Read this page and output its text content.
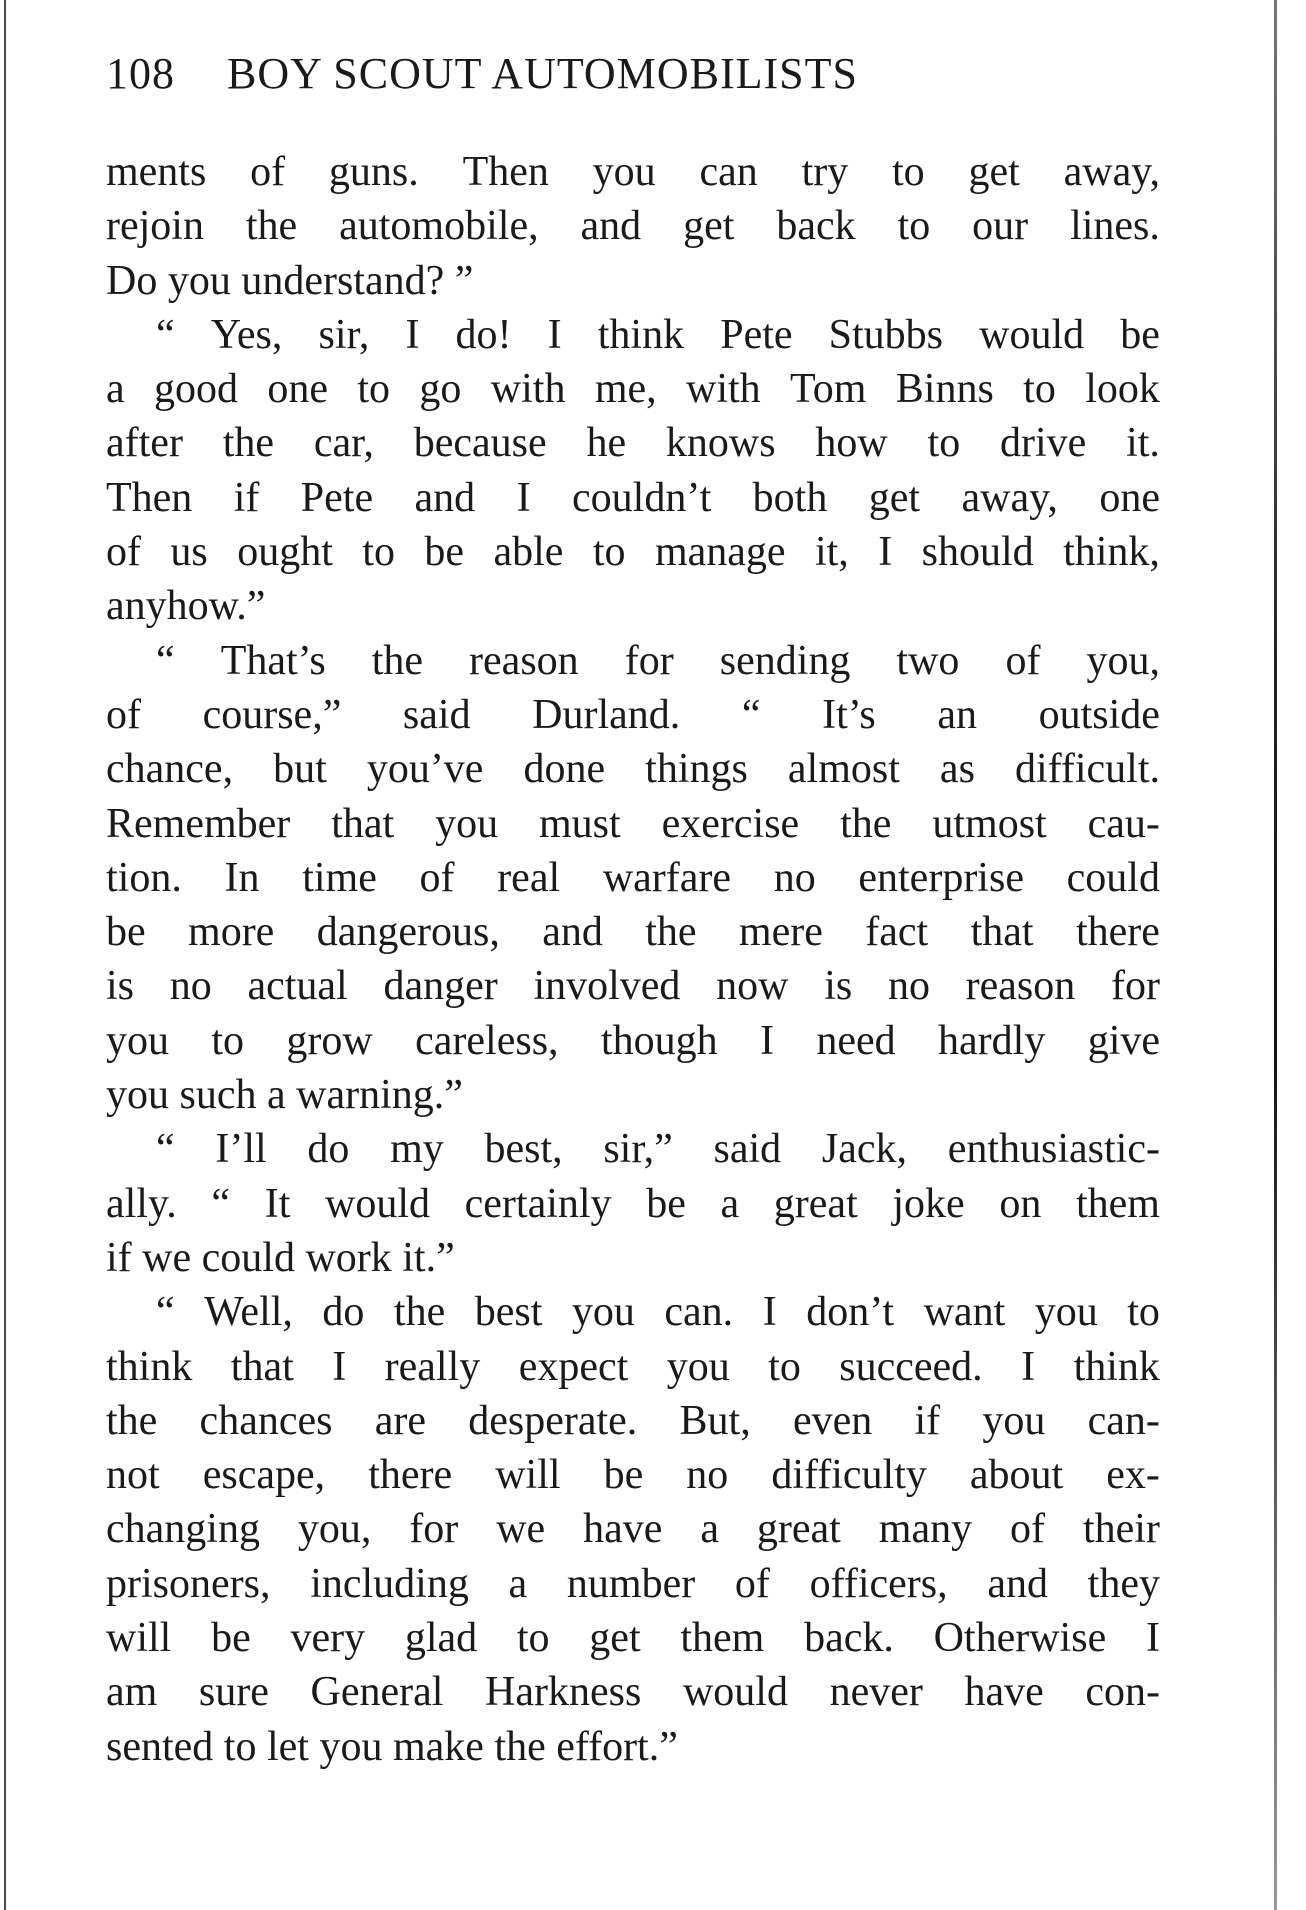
108 BOY SCOUT AUTOMOBILISTS
ments of guns. Then you can try to get away,
rejoin the automobile, and get back to our lines.
Do you understand? ”
“ Yes, sir, I do! I think Pete Stubbs would be
a good one to go with me, with Tom Binns to look
after the car, because he knows how to drive it.
Then if Pete and I couldn’t both get away, one
of us ought to be able to manage it, I should think,
anyhow.”
“ That’s the reason for sending two of you,
of course,” said Durland. “ It’s an outside
chance, but you’ve done things almost as difficult.
Remember that you must exercise the utmost cau-
tion. In time of real warfare no enterprise could
be more dangerous, and the mere fact that there
is no actual danger involved now is no reason for
you to grow careless, though I need hardly give
you such a warning.”
“ I’ll do my best, sir,” said Jack, enthusiastic-
ally. “ It would certainly be a great joke on them
if we could work it.”
“ Well, do the best you can. I don’t want you to
think that I really expect you to succeed. I think
the chances are desperate. But, even if you can-
not escape, there will be no difficulty about ex-
changing you, for we have a great many of their
prisoners, including a number of officers, and they
will be very glad to get them back. Otherwise I
am sure General Harkness would never have con-
sented to let you make the effort.”
